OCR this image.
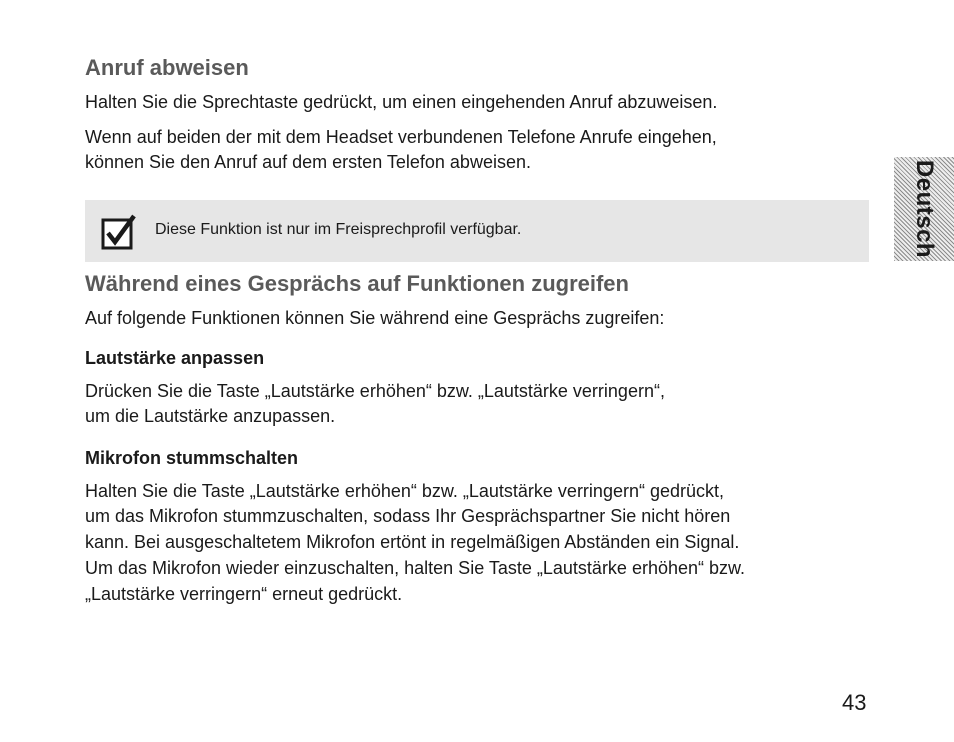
Anruf abweisen

Halten Sie die Sprechtaste gedrückt, um einen eingehenden Anruf abzuweisen.

Wenn auf beiden der mit dem Headset verbundenen Telefone Anrufe eingehen,

können Sie den Anruf auf dem ersten Telefon abweisen.

Diese Funktion ist nur im Freisprechprofil verfügbar.
Während eines Gesprächs auf Funktionen zugreifen

Auf folgende Funktionen können Sie während eine Gesprächs zugreifen:

Lautstärke anpassen

Drücken Sie die Taste „Lautstärke erhöhen“ bzw. „Lautstärke verringern“,

um die Lautstärke anzupassen.

Mikrofon stummschalten

Halten Sie die Taste „Lautstärke erhöhen“ bzw. „Lautstärke verringern“ gedrückt,

um das Mikrofon stummzuschalten, sodass Ihr Gesprächspartner Sie nicht hören

kann. Bei ausgeschaltetem Mikrofon ertönt in regelmäßigen Abständen ein Signal.

Um das Mikrofon wieder einzuschalten, halten Sie Taste „Lautstärke erhöhen“ bzw.

„Lautstärke verringern“ erneut gedrückt.

Deutsch
43
